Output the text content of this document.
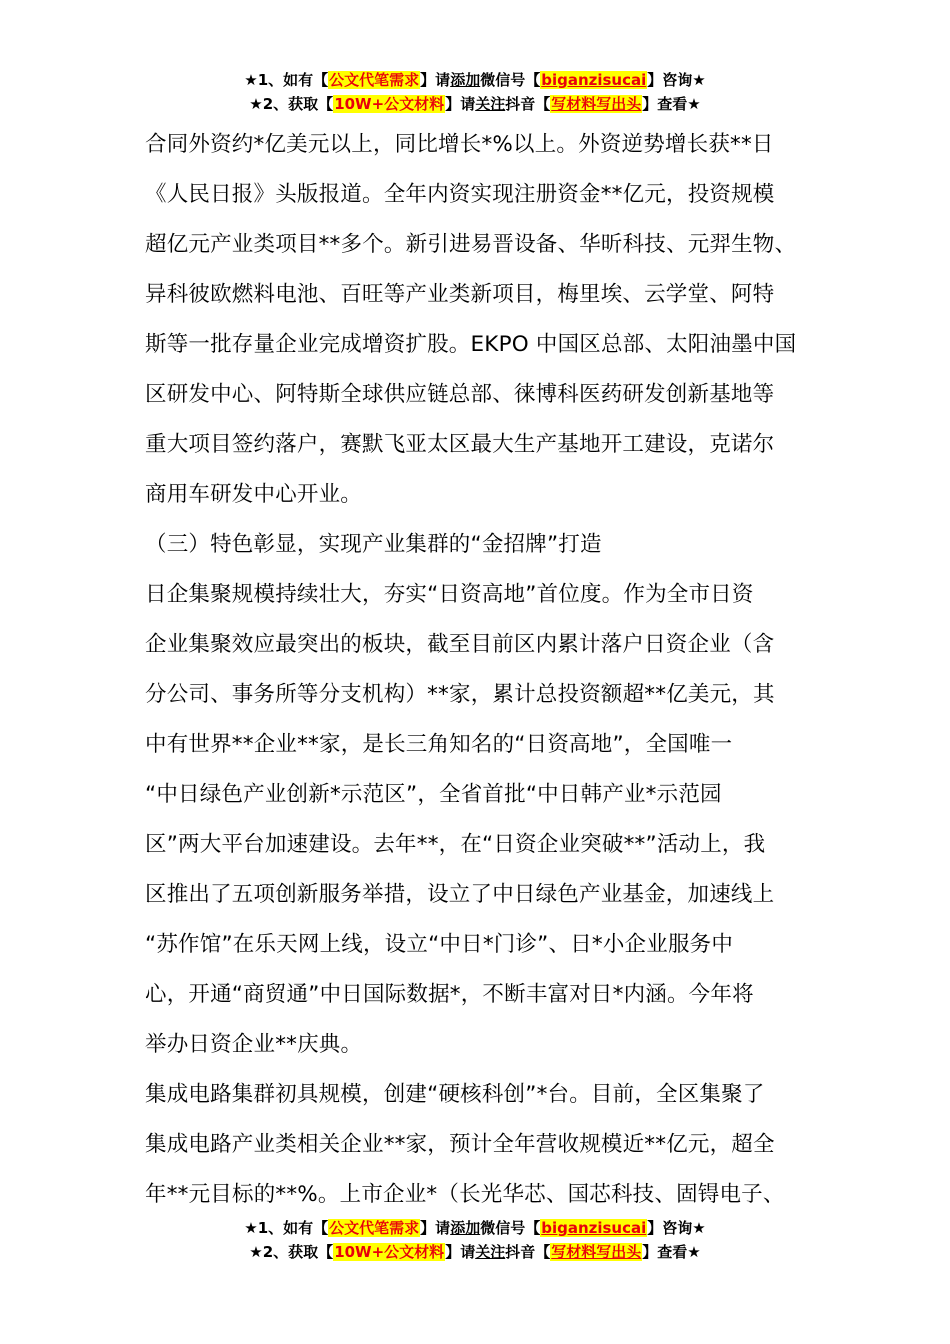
★1、如有【公文代笔需求】请添加微信号【biganzisucai】咨询★
★2、获取【10W+公文材料】请关注抖音【写材料写出头】查看★
合同外资约*亿美元以上，同比增长*%以上。外资逆势增长获**日
《人民日报》头版报道。全年内资实现注册资金**亿元，投资规模
超亿元产业类项目**多个。新引进易晋设备、华昕科技、元羿生物、
异科彼欧燃料电池、百旺等产业类新项目，梅里埃、云学堂、阿特
斯等一批存量企业完成增资扩股。EKPO 中国区总部、太阳油墨中国
区研发中心、阿特斯全球供应链总部、徕博科医药研发创新基地等
重大项目签约落户，赛默飞亚太区最大生产基地开工建设，克诺尔
商用车研发中心开业。
（三）特色彰显，实现产业集群的“金招牌”打造
日企集聚规模持续壮大，夯实“日资高地”首位度。作为全市日资
企业集聚效应最突出的板块，截至目前区内累计落户日资企业（含
分公司、事务所等分支机构）**家，累计总投资额超**亿美元，其
中有世界**企业**家，是长三角知名的“日资高地”，全国唯一
“中日绿色产业创新*示范区”，全省首批“中日韩产业*示范园
区”两大平台加速建设。去年**，在“日资企业突破**”活动上，我
区推出了五项创新服务举措，设立了中日绿色产业基金，加速线上
“苏作馆”在乐天网上线，设立“中日*门诊”、日*小企业服务中
心，开通“商贸通”中日国际数据*，不断丰富对日*内涵。今年将
举办日资企业**庆典。
集成电路集群初具规模，创建“硬核科创”*台。目前，全区集聚了
集成电路产业类相关企业**家，预计全年营收规模近**亿元，超全
年**元目标的**%。上市企业*（长光华芯、国芯科技、固锝电子、
★1、如有【公文代笔需求】请添加微信号【biganzisucai】咨询★
★2、获取【10W+公文材料】请关注抖音【写材料写出头】查看★
